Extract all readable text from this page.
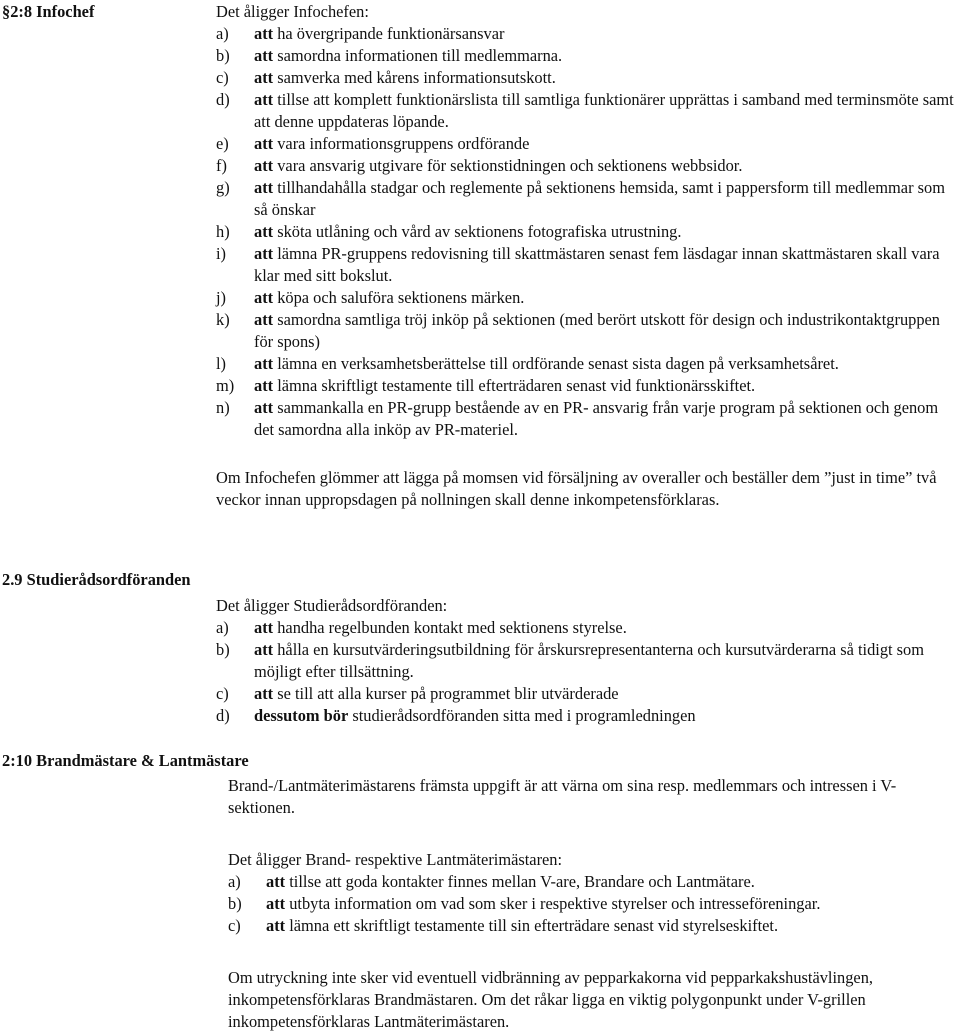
§2:8 Infochef	Det åligger Infochefen:

a) att ha övergripande funktionärsansvar
b) att samordna informationen till medlemmarna.
c) att samverka med kårens informationsutskott.
d) att tillse att komplett funktionärslista till samtliga funktionärer upprättas i samband med terminsmöte samt att denne uppdateras löpande.
e) att vara informationsgruppens ordförande
f) att vara ansvarig utgivare för sektionstidningen och sektionens webbsidor.
g) att tillhandahålla stadgar och reglemente på sektionens hemsida, samt i pappersform till medlemmar som så önskar
h) att sköta utlåning och vård av sektionens fotografiska utrustning.
i) att lämna PR-gruppens redovisning till skattmästaren senast fem läsdagar innan skattmästaren skall vara klar med sitt bokslut.
j) att köpa och saluföra sektionens märken.
k) att samordna samtliga tröj inköp på sektionen (med berört utskott för design och industrikontaktgruppen för spons)
l) att lämna en verksamhetsberättelse till ordförande senast sista dagen på verksamhetsåret.
m) att lämna skriftligt testamente till efterträdaren senast vid funktionärsskiftet.
n) att sammankalla en PR-grupp bestående av en PR- ansvarig från varje program på sektionen och genom det samordna alla inköp av PR-materiel.

Om Infochefen glömmer att lägga på momsen vid försäljning av overaller och beställer dem ”just in time” två veckor innan uppropsdagen på nollningen skall denne inkompetensförklaras.

2.9 Studierådsordföranden

Det åligger Studierådsordföranden:

a) att handha regelbunden kontakt med sektionens styrelse.
b) att hålla en kursutvärderingsutbildning för årskursrepresentanterna och kursutvärderarna så tidigt som möjligt efter tillsättning.
c) att se till att alla kurser på programmet blir utvärderade
d) dessutom bör studierådsordföranden sitta med i programledningen
2:10 Brandmästare & Lantmästare

Brand-/Lantmäterimästarens främsta uppgift är att värna om sina resp. medlemmars och intressen i V-sektionen.

Det åligger Brand- respektive Lantmäterimästaren:

a) att tillse att goda kontakter finnes mellan V-are, Brandare och Lantmätare.
b) att utbyta information om vad som sker i respektive styrelser och intresseföreningar.
c) att lämna ett skriftligt testamente till sin efterträdare senast vid styrelseskiftet.

Om utryckning inte sker vid eventuell vidbränning av pepparkakorna vid pepparkakshustävlingen, inkompetensförklaras Brandmästaren. Om det råkar ligga en viktig polygonpunkt under V-grillen inkompetensförklaras Lantmäterimästaren.
